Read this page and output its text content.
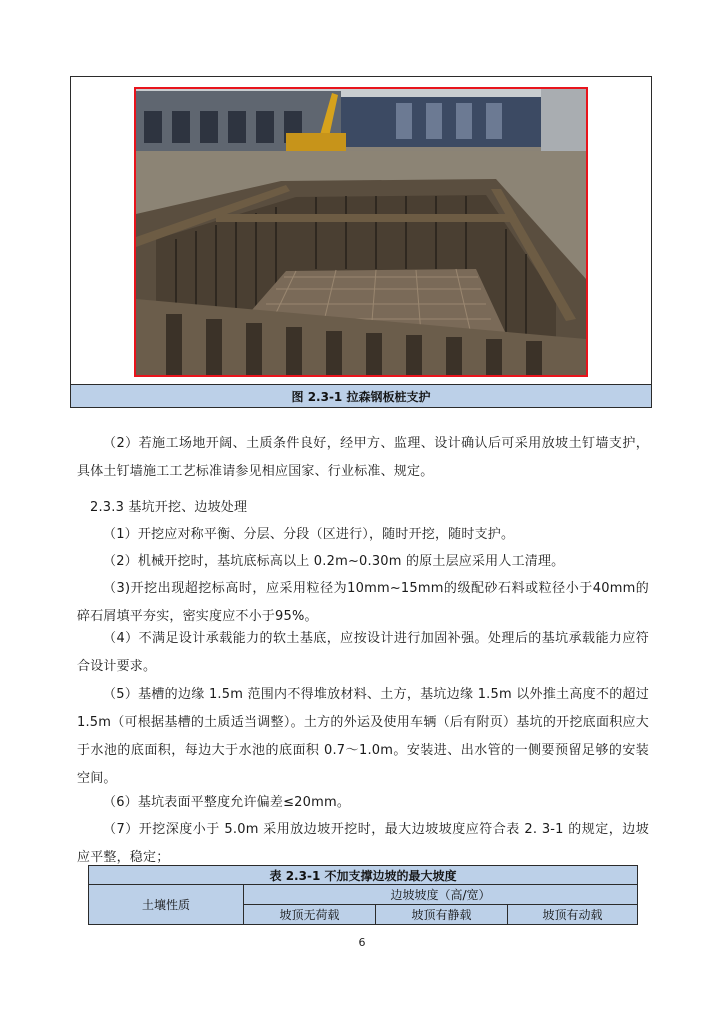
图 2.3-1 拉森钢板桩支护

（2）若施工场地开阔、土质条件良好，经甲方、监理、设计确认后可采用放坡土钉墙支护，具体土钉墙施工工艺标准请参见相应国家、行业标准、规定。

2.3.3 基坑开挖、边坡处理

（1）开挖应对称平衡、分层、分段（区进行），随时开挖，随时支护。

（2）机械开挖时，基坑底标高以上 0.2m~0.30m 的原土层应采用人工清理。

（3)开挖出现超挖标高时，应采用粒径为10mm~15mm的级配砂石料或粒径小于40mm的碎石屑填平夯实，密实度应不小于95%。

（4）不满足设计承载能力的软土基底，应按设计进行加固补强。处理后的基坑承载能力应符合设计要求。

（5）基槽的边缘 1.5m 范围内不得堆放材料、土方，基坑边缘 1.5m 以外推土高度不的超过 1.5m（可根据基槽的土质适当调整）。土方的外运及使用车辆（后有附页）基坑的开挖底面积应大于水池的底面积，每边大于水池的底面积 0.7～1.0m。安装进、出水管的一侧要预留足够的安装空间。

（6）基坑表面平整度允许偏差≤20mm。

（7）开挖深度小于 5.0m 采用放边坡开挖时，最大边坡坡度应符合表 2. 3-1 的规定，边坡应平整，稳定；

表 2.3-1 不加支撑边坡的最大坡度			
土壤性质	边坡坡度（高/宽）		
	坡顶无荷载	坡顶有静载	坡顶有动载
6
